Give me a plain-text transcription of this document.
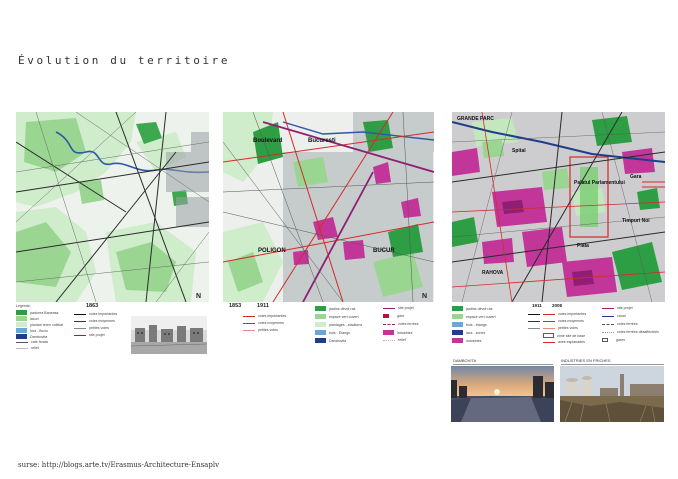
Évolution du territoire
N
Legende	1863
padurea Baneasa
lacuri
plantari teren cultivat
fora - fluviu
Dambovita
cale ferata
relief
voies importantes
voies moyennes
petites voies
site projet
Boulevard	Bucuresti
POLIGON	BUCUR
N
1853	1911
voies importantes
voies moyennes
petites voies
jardins dévot ras
espace vert ouvert
plantages - stadiums
bois - Etangs
Dambovita
site projet
gare
voies ferrées
industries
relief
GRANDE PARC
Palatul Parlamentului
RAHOVA
Spital
Gara
Piata
Timpuri Noi
1911 2008
jardins dévot ras
espace vert ouvert
bois - étangs
lacs - zones
industries
voies importantes
voies moyennes
petites voies
zone site de base
axes esplanades
site projet
canal
voies ferrées
voies ferrées désaffectées
gares
DAMBOVITA	INDUSTRIES EN FRICHES
surse: http://blogs.arte.tv/Erasmus-Architecture-Ensaplv
